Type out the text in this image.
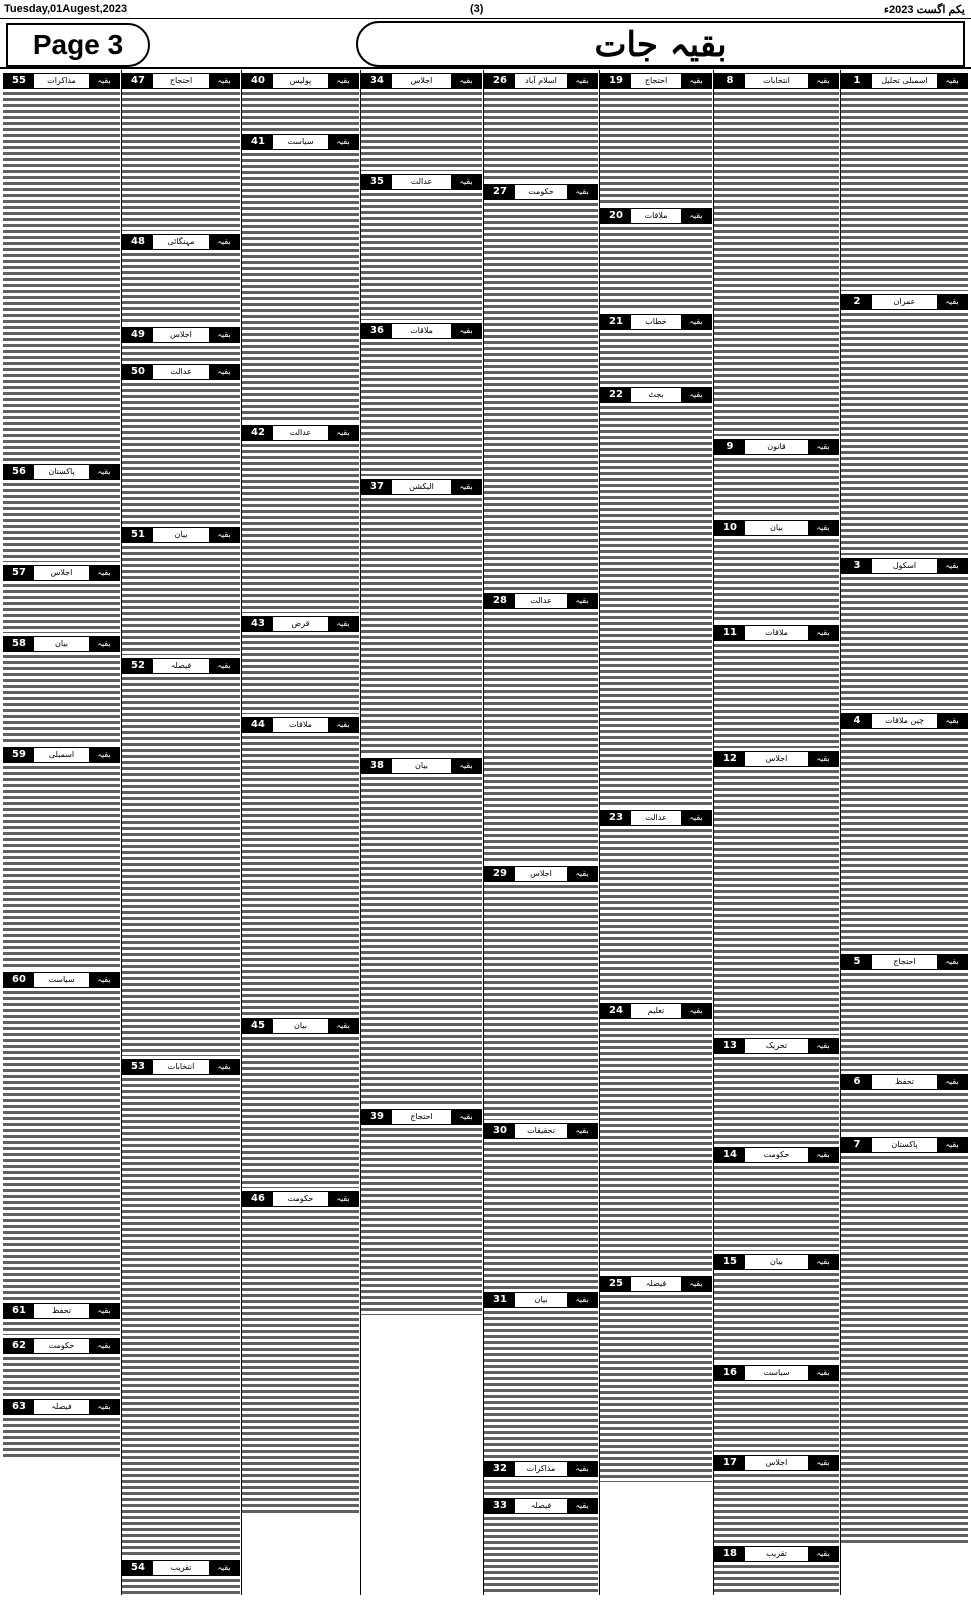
Tuesday,01Augest,2023	(3)	یکم اگست 2023ء
Page 3	بقیہ جات
1	اسمبلی تحلیل	بقیہ
2	عمران	بقیہ
3	اسکول	بقیہ
4	چین ملاقات	بقیہ
5	احتجاج	بقیہ
6	تحفظ	بقیہ
7	پاکستان	بقیہ
8	انتخابات	بقیہ
9	قانون	بقیہ
10	بیان	بقیہ
11	ملاقات	بقیہ
12	اجلاس	بقیہ
13	تحریک	بقیہ
14	حکومت	بقیہ
15	بیان	بقیہ
16	سیاست	بقیہ
17	اجلاس	بقیہ
18	تقریب	بقیہ
19	احتجاج	بقیہ
20	ملاقات	بقیہ
21	خطاب	بقیہ
22	بجٹ	بقیہ
23	عدالت	بقیہ
24	تعلیم	بقیہ
25	فیصلہ	بقیہ
26	اسلام آباد	بقیہ
27	حکومت	بقیہ
28	عدالت	بقیہ
29	اجلاس	بقیہ
30	تحقیقات	بقیہ
31	بیان	بقیہ
32	مذاکرات	بقیہ
33	فیصلہ	بقیہ
34	اجلاس	بقیہ
35	عدالت	بقیہ
36	ملاقات	بقیہ
37	الیکشن	بقیہ
38	بیان	بقیہ
39	احتجاج	بقیہ
40	پولیس	بقیہ
41	سیاست	بقیہ
42	عدالت	بقیہ
43	قرض	بقیہ
44	ملاقات	بقیہ
45	بیان	بقیہ
46	حکومت	بقیہ
47	احتجاج	بقیہ
48	مہنگائی	بقیہ
49	اجلاس	بقیہ
50	عدالت	بقیہ
51	بیان	بقیہ
52	فیصلہ	بقیہ
53	انتخابات	بقیہ
54	تقریب	بقیہ
55	مذاکرات	بقیہ
56	پاکستان	بقیہ
57	اجلاس	بقیہ
58	بیان	بقیہ
59	اسمبلی	بقیہ
60	سیاست	بقیہ
61	تحفظ	بقیہ
62	حکومت	بقیہ
63	فیصلہ	بقیہ
